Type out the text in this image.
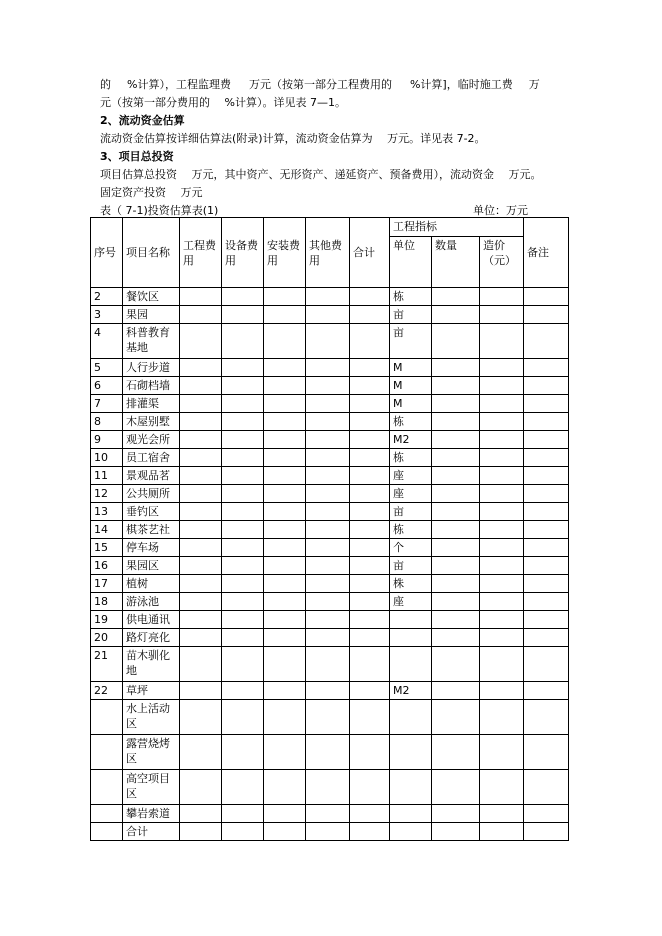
的 %计算），工程监理费 万元（按第一部分工程费用的 %计算]，临时施工费 万
元（按第一部分费用的　 %计算）。详见表 7—1。
2、流动资金估算
流动资金估算按详细估算法(附录)计算，流动资金估算为　 万元。详见表 7-2。
3、项目总投资
项目估算总投资　 万元，其中资产、无形资产、递延资产、预备费用），流动资金　 万元。
固定资产投资　 万元
表（ 7-1)投资估算表(1)	单位：万元
序号	项目名称	工程费用	设备费用	安装费用	其他费用	合计	工程指标			备注
							单位	数量	造价（元）	
2	餐饮区						栋			
3	果园						亩			
4	科普教育基地						亩			
5	人行步道						M			
6	石砌档墙						M			
7	排灌渠						M			
8	木屋别墅						栋			
9	观光会所						M2			
10	员工宿舍						栋			
11	景观品茗						座			
12	公共厕所						座			
13	垂钓区						亩			
14	棋茶艺社						栋			
15	停车场						个			
16	果园区						亩			
17	植树						株			
18	游泳池						座			
19	供电通讯									
20	路灯亮化									
21	苗木驯化地									
22	草坪						M2			
	水上活动区									
	露营烧烤区									
	高空项目区									
	攀岩索道									
	合计									
